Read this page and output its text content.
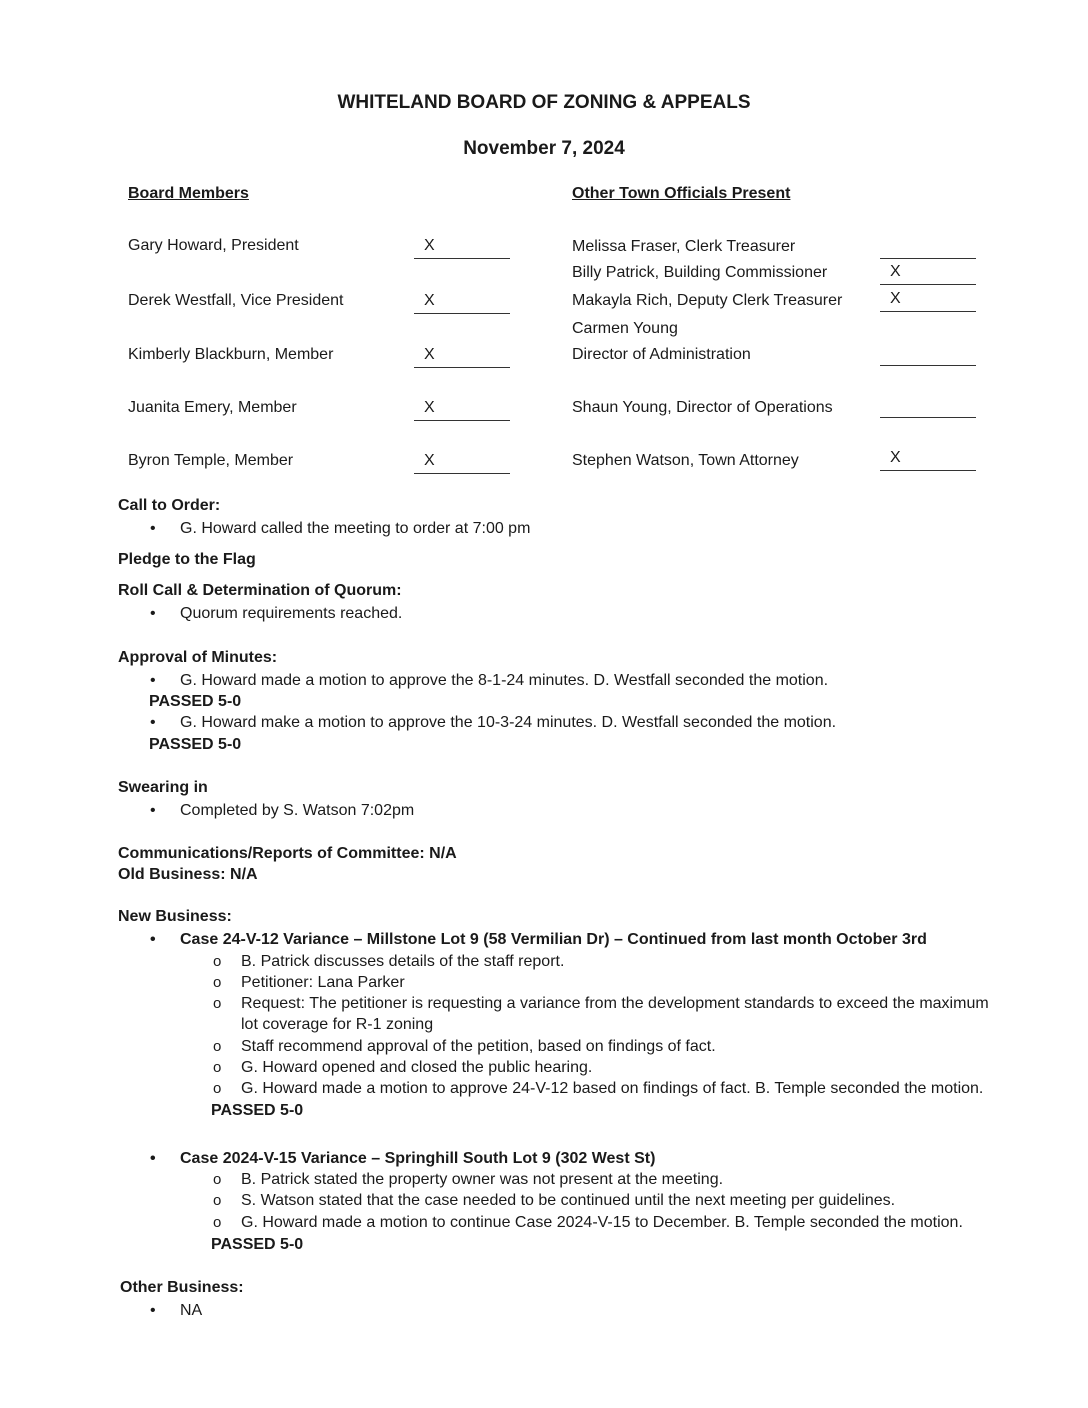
WHITELAND BOARD OF ZONING & APPEALS
November 7, 2024
Board Members
Gary Howard, President	X
Derek Westfall, Vice President	X
Kimberly Blackburn, Member	X
Juanita Emery, Member	X
Byron Temple, Member	X
Other Town Officials Present
Melissa Fraser, Clerk Treasurer
Billy Patrick, Building Commissioner	X
Makayla Rich, Deputy Clerk Treasurer	X
Carmen Young
Director of Administration
Shaun Young, Director of Operations
Stephen Watson, Town Attorney	X
Call to Order:
• G. Howard called the meeting to order at 7:00 pm
Pledge to the Flag
Roll Call & Determination of Quorum:
• Quorum requirements reached.
Approval of Minutes:
• G. Howard made a motion to approve the 8-1-24 minutes. D. Westfall seconded the motion.
PASSED 5-0
• G. Howard make a motion to approve the 10-3-24 minutes. D. Westfall seconded the motion.
PASSED 5-0
Swearing in
• Completed by S. Watson 7:02pm
Communications/Reports of Committee: N/A
Old Business: N/A
New Business:
• Case 24-V-12 Variance – Millstone Lot 9 (58 Vermilian Dr) – Continued from last month October 3rd
o B. Patrick discusses details of the staff report.
o Petitioner: Lana Parker
o Request: The petitioner is requesting a variance from the development standards to exceed the maximum
lot coverage for R-1 zoning
o Staff recommend approval of the petition, based on findings of fact.
o G. Howard opened and closed the public hearing.
o G. Howard made a motion to approve 24-V-12 based on findings of fact. B. Temple seconded the motion.
PASSED 5-0
• Case 2024-V-15 Variance – Springhill South Lot 9 (302 West St)
o B. Patrick stated the property owner was not present at the meeting.
o S. Watson stated that the case needed to be continued until the next meeting per guidelines.
o G. Howard made a motion to continue Case 2024-V-15 to December. B. Temple seconded the motion.
PASSED 5-0
Other Business:
• NA
